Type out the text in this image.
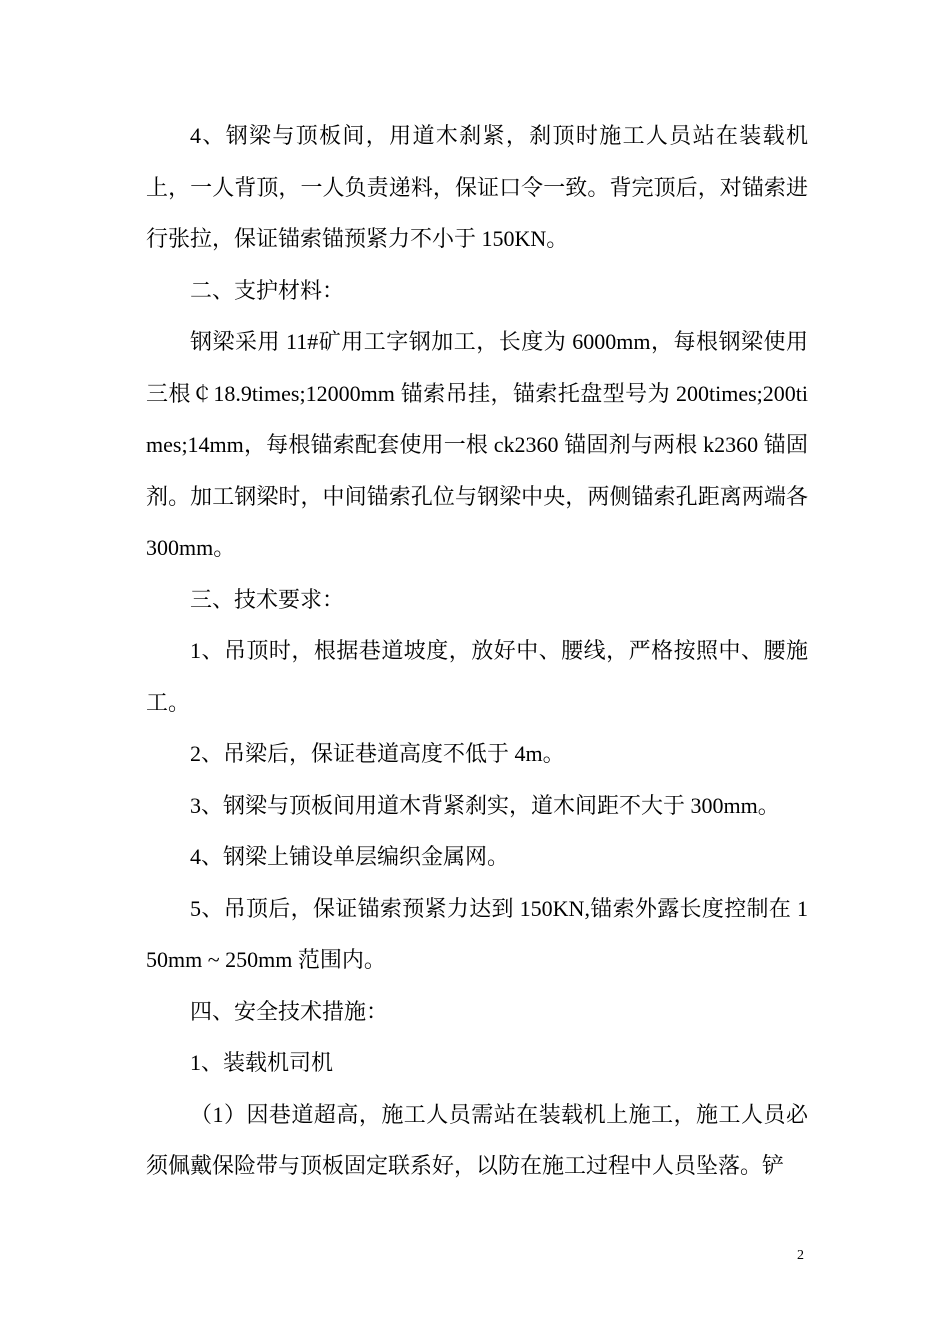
4、钢梁与顶板间，用道木刹紧，刹顶时施工人员站在装载机上，一人背顶，一人负责递料，保证口令一致。背完顶后，对锚索进行张拉，保证锚索锚预紧力不小于 150KN。

二、支护材料：

钢梁采用 11#矿用工字钢加工，长度为 6000mm，每根钢梁使用三根￠18.9times;12000mm 锚索吊挂，锚索托盘型号为 200times;200times;14mm，每根锚索配套使用一根 ck2360 锚固剂与两根 k2360 锚固剂。加工钢梁时，中间锚索孔位与钢梁中央，两侧锚索孔距离两端各 300mm。

三、技术要求：

1、吊顶时，根据巷道坡度，放好中、腰线，严格按照中、腰施工。

2、吊梁后，保证巷道高度不低于 4m。

3、钢梁与顶板间用道木背紧刹实，道木间距不大于 300mm。

4、钢梁上铺设单层编织金属网。

5、吊顶后，保证锚索预紧力达到 150KN,锚索外露长度控制在 150mm ~ 250mm 范围内。

四、安全技术措施：

1、装载机司机

（1）因巷道超高，施工人员需站在装载机上施工，施工人员必须佩戴保险带与顶板固定联系好，以防在施工过程中人员坠落。铲

2
